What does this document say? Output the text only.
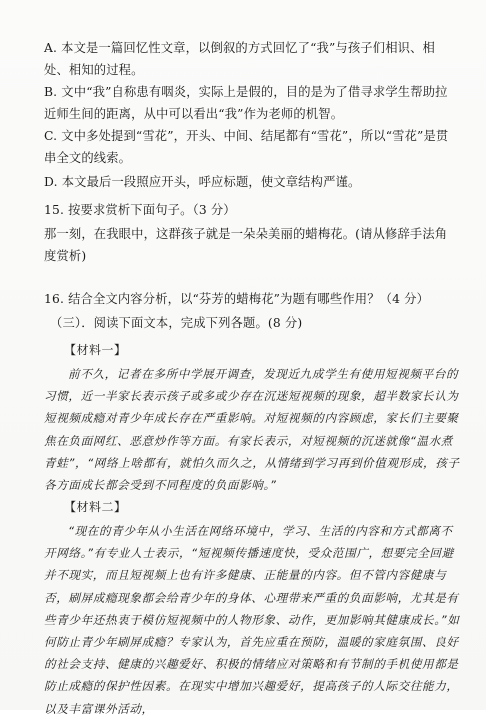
A. 本文是一篇回忆性文章，以倒叙的方式回忆了“我”与孩子们相识、相处、相知的过程。

B. 文中“我”自称患有咽炎，实际上是假的，目的是为了借寻求学生帮助拉近师生间的距离，从中可以看出“我”作为老师的机智。

C. 文中多处提到“雪花”，开头、中间、结尾都有“雪花”，所以“雪花”是贯串全文的线索。

D. 本文最后一段照应开头，呼应标题，使文章结构严谨。

15. 按要求赏析下面句子。（3 分）

那一刻，在我眼中，这群孩子就是一朵朵美丽的蜡梅花。(请从修辞手法角度赏析)

16. 结合全文内容分析，以“芬芳的蜡梅花”为题有哪些作用？（4 分）

（三）．阅读下面文本，完成下列各题。(8 分)

【材料一】

前不久，记者在多所中学展开调查，发现近九成学生有使用短视频平台的习惯，近一半家长表示孩子或多或少存在沉迷短视频的现象，超半数家长认为短视频成瘾对青少年成长存在严重影响。对短视频的内容顾虑，家长们主要聚焦在负面网红、恶意炒作等方面。有家长表示，对短视频的沉迷就像“温水煮青蛙”，“网络上啥都有，就怕久而久之，从情绪到学习再到价值观形成，孩子各方面成长都会受到不同程度的负面影响。”

【材料二】

“现在的青少年从小生活在网络环境中，学习、生活的内容和方式都离不开网络。”有专业人士表示，“短视频传播速度快，受众范围广，想要完全回避并不现实，而且短视频上也有许多健康、正能量的内容。但不管内容健康与否，刷屏成瘾现象都会给青少年的身体、心理带来严重的负面影响，尤其是有些青少年还热衷于模仿短视频中的人物形象、动作，更加影响其健康成长。”如何防止青少年刷屏成瘾？专家认为，首先应重在预防，温暖的家庭氛围、良好的社会支持、健康的兴趣爱好、积极的情绪应对策略和有节制的手机使用都是防止成瘾的保护性因素。在现实中增加兴趣爱好，提高孩子的人际交往能力，以及丰富课外活动，
